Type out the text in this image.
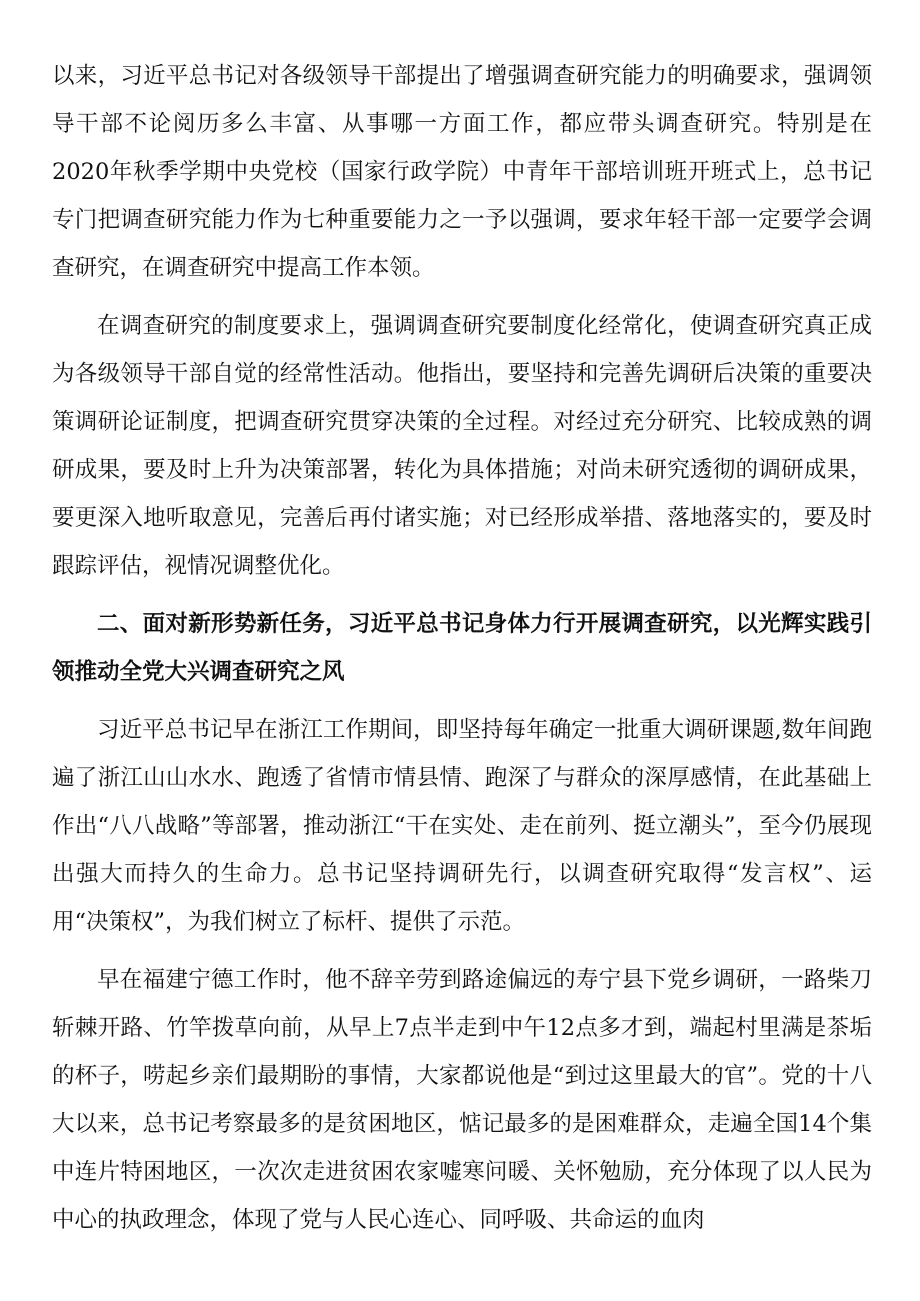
以来，习近平总书记对各级领导干部提出了增强调查研究能力的明确要求，强调领导干部不论阅历多么丰富、从事哪一方面工作，都应带头调查研究。特别是在2020年秋季学期中央党校（国家行政学院）中青年干部培训班开班式上，总书记专门把调查研究能力作为七种重要能力之一予以强调，要求年轻干部一定要学会调查研究，在调查研究中提高工作本领。

在调查研究的制度要求上，强调调查研究要制度化经常化，使调查研究真正成为各级领导干部自觉的经常性活动。他指出，要坚持和完善先调研后决策的重要决策调研论证制度，把调查研究贯穿决策的全过程。对经过充分研究、比较成熟的调研成果，要及时上升为决策部署，转化为具体措施；对尚未研究透彻的调研成果，要更深入地听取意见，完善后再付诸实施；对已经形成举措、落地落实的，要及时跟踪评估，视情况调整优化。

二、面对新形势新任务，习近平总书记身体力行开展调查研究，以光辉实践引领推动全党大兴调查研究之风

习近平总书记早在浙江工作期间，即坚持每年确定一批重大调研课题,数年间跑遍了浙江山山水水、跑透了省情市情县情、跑深了与群众的深厚感情，在此基础上作出“八八战略”等部署，推动浙江“干在实处、走在前列、挺立潮头”，至今仍展现出强大而持久的生命力。总书记坚持调研先行，以调查研究取得“发言权”、运用“决策权”，为我们树立了标杆、提供了示范。

早在福建宁德工作时，他不辞辛劳到路途偏远的寿宁县下党乡调研，一路柴刀斩棘开路、竹竿拨草向前，从早上7点半走到中午12点多才到，端起村里满是茶垢的杯子，唠起乡亲们最期盼的事情，大家都说他是“到过这里最大的官”。党的十八大以来，总书记考察最多的是贫困地区，惦记最多的是困难群众，走遍全国14个集中连片特困地区，一次次走进贫困农家嘘寒问暖、关怀勉励，充分体现了以人民为中心的执政理念，体现了党与人民心连心、同呼吸、共命运的血肉
